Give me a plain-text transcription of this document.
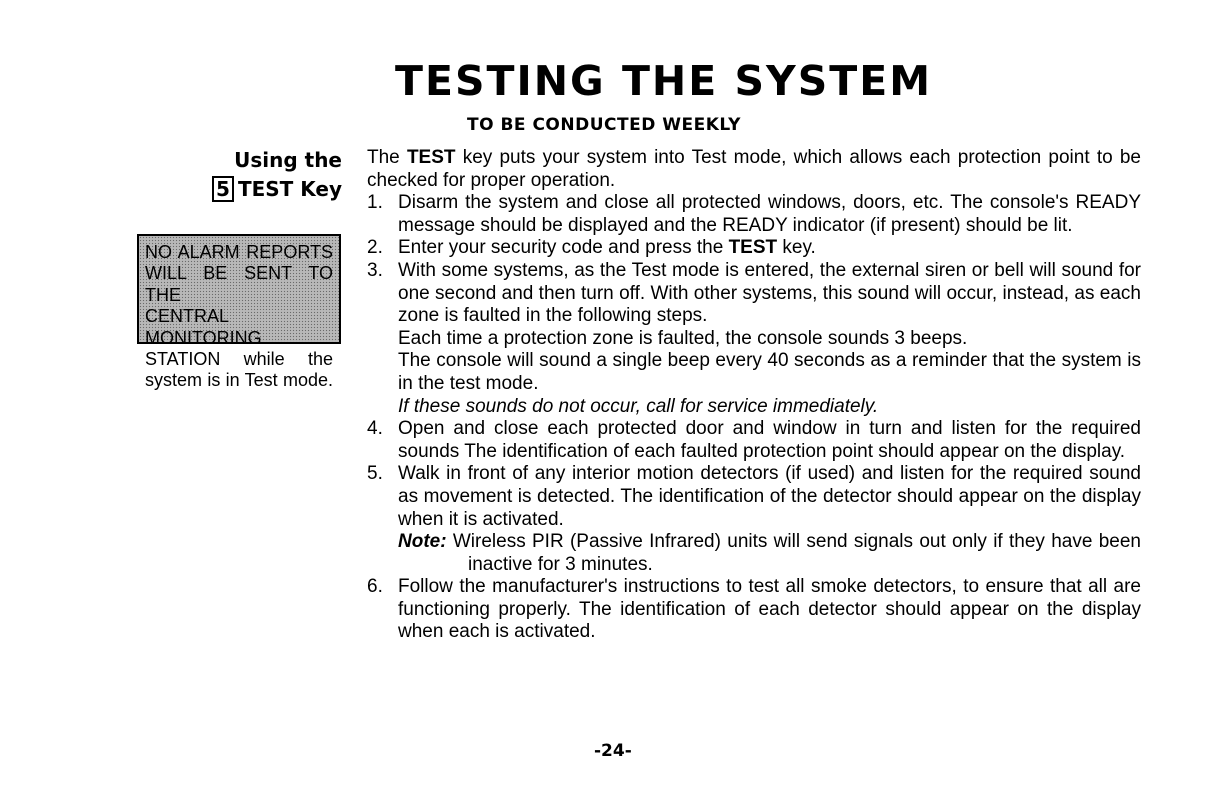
TESTING THE SYSTEM
TO BE CONDUCTED WEEKLY
Using the
5 TEST Key
NO ALARM REPORTS
WILL BE SENT TO THE
CENTRAL MONITORING
STATION while the
system is in Test mode.

The TEST key puts your system into Test mode, which allows each protection point to be checked for proper operation.

1. Disarm the system and close all protected windows, doors, etc. The console's READY message should be displayed and the READY indicator (if present) should be lit.
2. Enter your security code and press the TEST key.
3. With some systems, as the Test mode is entered, the external siren or bell will sound for one second and then turn off. With other systems, this sound will occur, instead, as each zone is faulted in the following steps.
Each time a protection zone is faulted, the console sounds 3 beeps.
The console will sound a single beep every 40 seconds as a reminder that the system is in the test mode.
If these sounds do not occur, call for service immediately.
4. Open and close each protected door and window in turn and listen for the required sounds The identification of each faulted protection point should appear on the display.
5. Walk in front of any interior motion detectors (if used) and listen for the required sound as movement is detected. The identification of the detector should appear on the display when it is activated.
Note: Wireless PIR (Passive Infrared) units will send signals out only if they have been inactive for 3 minutes.
6. Follow the manufacturer's instructions to test all smoke detectors, to ensure that all are functioning properly. The identification of each detector should appear on the display when each is activated.
-24-
